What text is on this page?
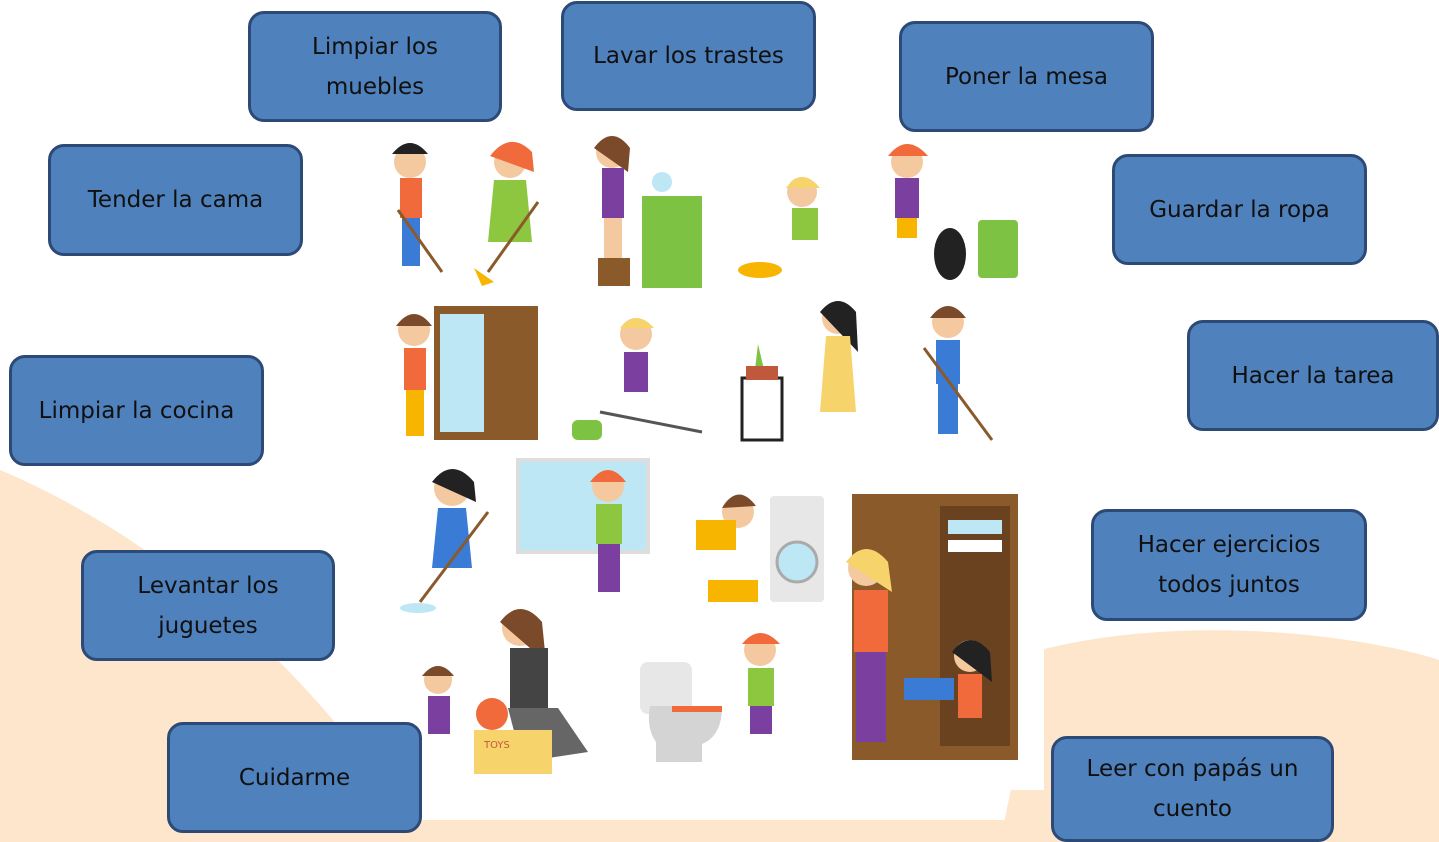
TOYS
Limpiar los muebles
Lavar los trastes
Poner la mesa
Tender la cama	Guardar la ropa
Hacer la tarea
Limpiar la cocina
Hacer ejercicios todos juntos
Levantar los juguetes
Cuidarme	Leer con papás un cuento
